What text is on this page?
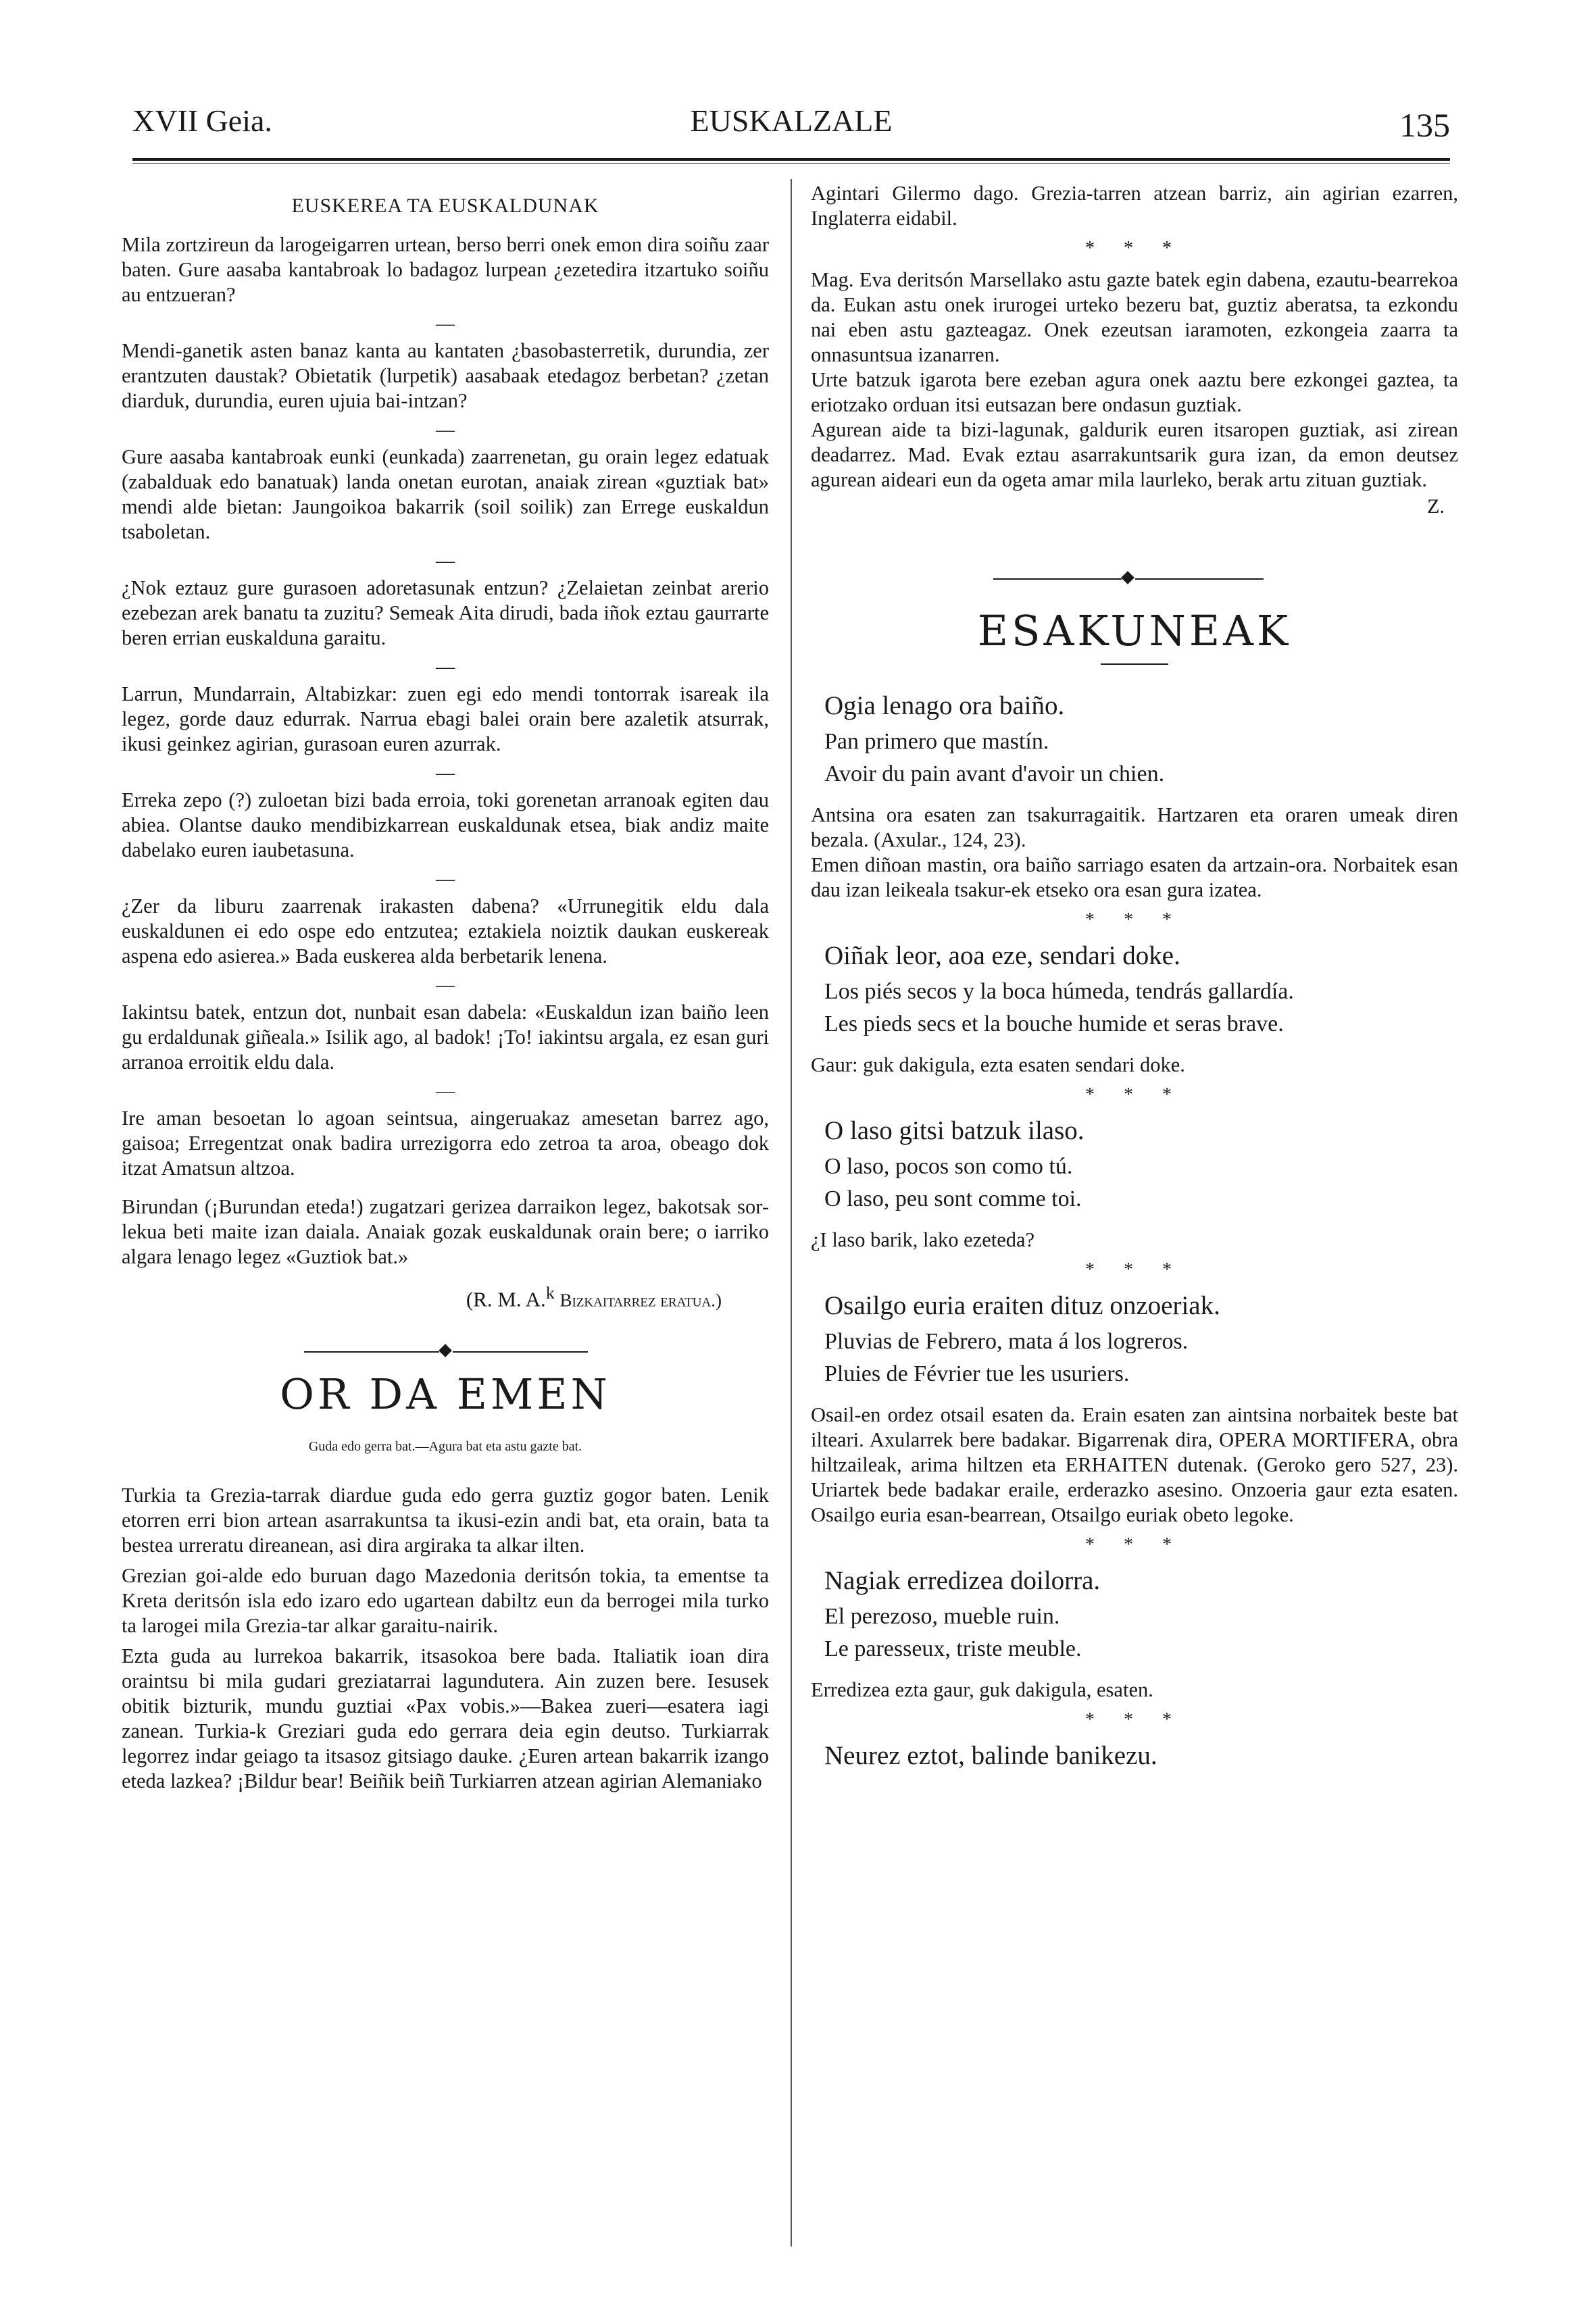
XVII Geia.	EUSKALZALE	135
EUSKEREA TA EUSKALDUNAK

Mila zortzireun da larogeigarren urtean, berso berri onek emon dira soiñu zaar baten. Gure aasaba kantabroak lo badagoz lurpean ¿ezetedira itzartuko soiñu au entzueran?

—

Mendi-ganetik asten banaz kanta au kantaten ¿basobasterretik, durundia, zer erantzuten daustak? Obietatik (lurpetik) aasabaak etedagoz berbetan? ¿zetan diarduk, durundia, euren ujuia bai-intzan?

—

Gure aasaba kantabroak eunki (eunkada) zaarrenetan, gu orain legez edatuak (zabalduak edo banatuak) landa onetan eurotan, anaiak zirean «guztiak bat» mendi alde bietan: Jaungoikoa bakarrik (soil soilik) zan Errege euskaldun tsaboletan.

—

¿Nok eztauz gure gurasoen adoretasunak entzun? ¿Zelaietan zeinbat arerio ezebezan arek banatu ta zuzitu? Semeak Aita dirudi, bada iñok eztau gaurrarte beren errian euskalduna garaitu.

—

Larrun, Mundarrain, Altabizkar: zuen egi edo mendi tontorrak isareak ila legez, gorde dauz edurrak. Narrua ebagi balei orain bere azaletik atsurrak, ikusi geinkez agirian, gurasoan euren azurrak.

—

Erreka zepo (?) zuloetan bizi bada erroia, toki gorenetan arranoak egiten dau abiea. Olantse dauko mendibizkarrean euskaldunak etsea, biak andiz maite dabelako euren iaubetasuna.

—

¿Zer da liburu zaarrenak irakasten dabena? «Urrunegitik eldu dala euskaldunen ei edo ospe edo entzutea; eztakiela noiztik daukan euskereak aspena edo asierea.» Bada euskerea alda berbetarik lenena.

—

Iakintsu batek, entzun dot, nunbait esan dabela: «Euskaldun izan baiño leen gu erdaldunak giñeala.» Isilik ago, al badok! ¡To! iakintsu argala, ez esan guri arranoa erroitik eldu dala.

—

Ire aman besoetan lo agoan seintsua, aingeruakaz amesetan barrez ago, gaisoa; Erregentzat onak badira urrezigorra edo zetroa ta aroa, obeago dok itzat Amatsun altzoa.

Birundan (¡Burundan eteda!) zugatzari gerizea darraikon legez, bakotsak sor-lekua beti maite izan daiala. Anaiak gozak euskaldunak orain bere; o iarriko algara lenago legez «Guztiok bat.»

(R. M. A.$^k$ Bizkaitarrez eratua.)
OR DA EMEN
Guda edo gerra bat.—Agura bat eta astu gazte bat.

Turkia ta Grezia-tarrak diardue guda edo gerra guztiz gogor baten. Lenik etorren erri bion artean asarrakuntsa ta ikusi-ezin andi bat, eta orain, bata ta bestea urreratu direanean, asi dira argiraka ta alkar ilten.

Grezian goi-alde edo buruan dago Mazedonia deritsón tokia, ta ementse ta Kreta deritsón isla edo izaro edo ugartean dabiltz eun da berrogei mila turko ta larogei mila Grezia-tar alkar garaitu-nairik.

Ezta guda au lurrekoa bakarrik, itsasokoa bere bada. Italiatik ioan dira oraintsu bi mila gudari greziatarrai lagundutera. Ain zuzen bere. Iesusek obitik bizturik, mundu guztiai «Pax vobis.»—Bakea zueri—esatera iagi zanean. Turkia-k Greziari guda edo gerrara deia egin deutso. Turkiarrak legorrez indar geiago ta itsasoz gitsiago daukе. ¿Euren artean bakarrik izango eteda lazkea? ¡Bildur bear! Beiñik beiñ Turkiarren atzean agirian Alemaniako

Agintari Gilermo dago. Grezia-tarren atzean barriz, ain agirian ezarren, Inglaterra eidabil.

* * *

Mag. Eva deritsón Marsellako astu gazte batek egin dabena, ezautu-bearrekoa da. Eukan astu onek irurogei urteko bezeru bat, guztiz aberatsa, ta ezkondu nai eben astu gazteagaz. Onek ezeutsan iaramoten, ezkongeia zaarra ta onnasuntsua izanarren.

Urte batzuk igarota bere ezeban agura onek aaztu bere ezkongei gaztea, ta eriotzako orduan itsi eutsazan bere ondasun guztiak.

Agurean aide ta bizi-lagunak, galdurik euren itsaropen guztiak, asi zirean deadarrez. Mad. Evak eztau asarrakuntsarik gura izan, da emon deutsez agurean aideari eun da ogeta amar mila laurleko, berak artu zituan guztiak.

Z.
ESAKUNEAK
Ogia lenago ora baiño.
Pan primero que mastín.
Avoir du pain avant d'avoir un chien.

Antsina ora esaten zan tsakurragaitik. Hartzaren eta oraren umeak diren bezala. (Axular., 124, 23).

Emen diñoan mastin, ora baiño sarriago esaten da artzain-ora. Norbaitek esan dau izan leikeala tsakur-ek etseko ora esan gura izatea.

* * *
Oiñak leor, aoa eze, sendari doke.
Los piés secos y la boca húmeda, tendrás gallardía.
Les pieds secs et la bouche humide et seras brave.

Gaur: guk dakigula, ezta esaten sendari doke.

* * *
O laso gitsi batzuk ilaso.
O laso, pocos son como tú.
O laso, peu sont comme toi.

¿I laso barik, lako ezeteda?

* * *
Osailgo euria eraiten dituz onzoeriak.
Pluvias de Febrero, mata á los logreros.
Pluies de Février tue les usuriers.

Osail-en ordez otsail esaten da. Erain esaten zan aintsina norbaitek beste bat ilteari. Axularrek bere badakar. Bigarrenak dira, OPERA MORTIFERA, obra hiltzaileak, arima hiltzen eta ERHAITEN dutenak. (Geroko gero 527, 23). Uriartek bede badakar eraile, erderazko asesino. Onzoeria gaur ezta esaten. Osailgo euria esan-bearrean, Otsailgo euriak obeto legoke.

* * *
Nagiak erredizea doilorra.
El perezoso, mueble ruin.
Le paresseux, triste meuble.

Erredizea ezta gaur, guk dakigula, esaten.

* * *
Neurez eztot, balinde banikezu.
